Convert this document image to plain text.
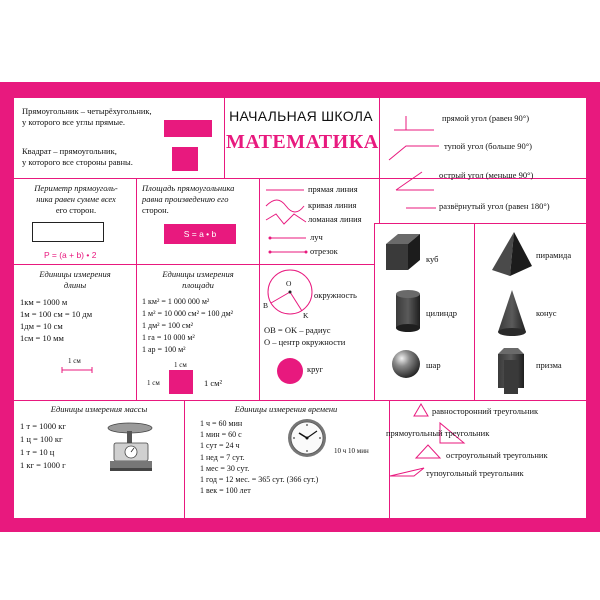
Прямоугольник – четырёхугольник,
у которого все углы прямые.
Квадрат – прямоугольник,
у которого все стороны равны.
НАЧАЛЬНАЯ ШКОЛА
МАТЕМАТИКА
прямой угол (равен 90°)
тупой угол (больше 90°)
острый угол (меньше 90°)
развёрнутый угол (равен 180°)
Периметр прямоуголь-
ника равен сумме всех
его сторон.
P = (a + b) • 2
Площадь прямоугольника
равна произведению его
сторон.
S = a • b
прямая линия
кривая линия
ломаная линия
луч
отрезок
Единицы измерения
длины
1км = 1000 м
1м = 100 см = 10 дм
1дм = 10 см
1см = 10 мм
1 см
Единицы измерения
площади
1 км² = 1 000 000 м²
1 м² = 10 000 см² = 100 дм²
1 дм² = 100 см²
1 га = 10 000 м²
1 ар = 100 м²
1 см
1 см	1 см²
O
B
K
окружность
OB = OK – радиус
O – центр окружности
круг
куб	пирамида
цилиндр	конус
шар	призма
Единицы измерения массы
1 т = 1000 кг
1 ц = 100 кг
1 т = 10 ц
1 кг = 1000 г
Единицы измерения времени
1 ч = 60 мин
1 мин = 60 с
1 сут = 24 ч
1 нед = 7 сут.
1 мес = 30 сут.
1 год = 12 мес. = 365 сут. (366 сут.)
1 век = 100 лет
10 ч 10 мин
равносторонний треугольник
прямоугольный треугольник
остроугольный треугольник
тупоугольный треугольник
